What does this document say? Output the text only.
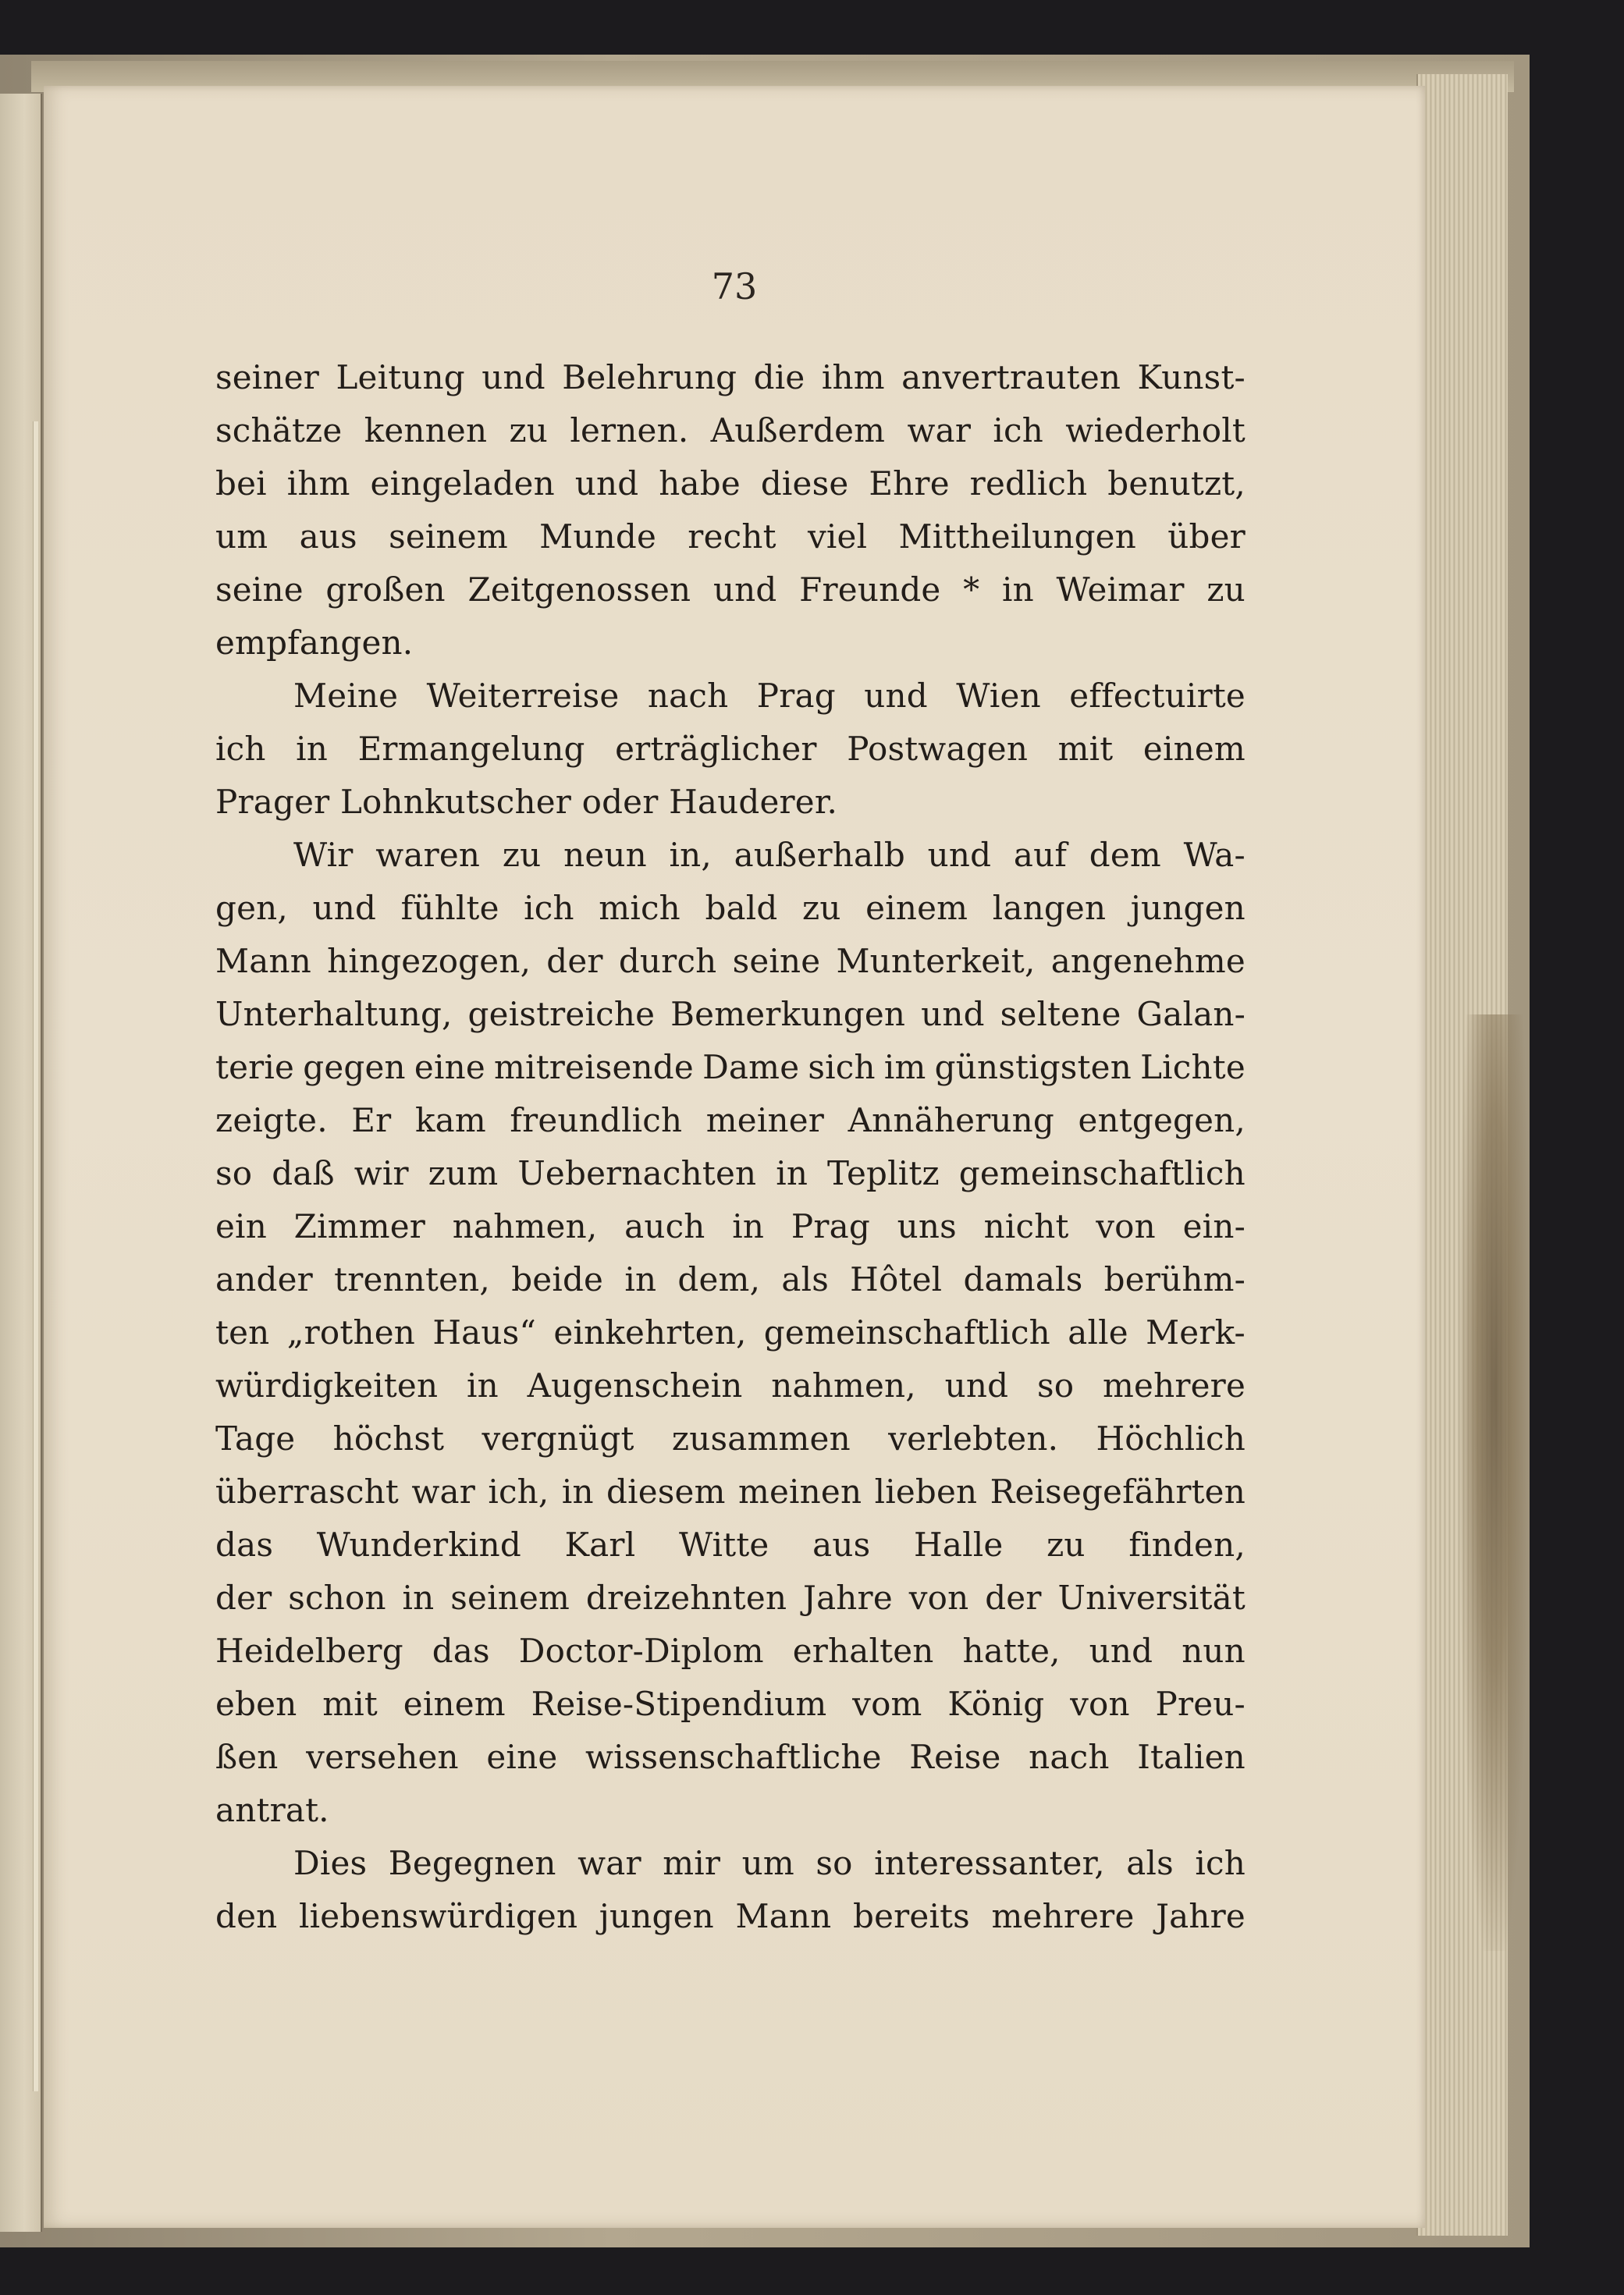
73
seiner Leitung und Belehrung die ihm anvertrauten Kunst-
schätze kennen zu lernen. Außerdem war ich wiederholt
bei ihm eingeladen und habe diese Ehre redlich benutzt,
um aus seinem Munde recht viel Mittheilungen über
seine großen Zeitgenossen und Freunde * in Weimar zu
empfangen.
Meine Weiterreise nach Prag und Wien effectuirte
ich in Ermangelung erträglicher Postwagen mit einem
Prager Lohnkutscher oder Hauderer.
Wir waren zu neun in, außerhalb und auf dem Wa-
gen, und fühlte ich mich bald zu einem langen jungen
Mann hingezogen, der durch seine Munterkeit, angenehme
Unterhaltung, geistreiche Bemerkungen und seltene Galan-
terie gegen eine mitreisende Dame sich im günstigsten Lichte
zeigte. Er kam freundlich meiner Annäherung entgegen,
so daß wir zum Uebernachten in Teplitz gemeinschaftlich
ein Zimmer nahmen, auch in Prag uns nicht von ein-
ander trennten, beide in dem, als Hôtel damals berühm-
ten „rothen Haus“ einkehrten, gemeinschaftlich alle Merk-
würdigkeiten in Augenschein nahmen, und so mehrere
Tage höchst vergnügt zusammen verlebten. Höchlich
überrascht war ich, in diesem meinen lieben Reisegefährten
das Wunderkind Karl Witte aus Halle zu finden,
der schon in seinem dreizehnten Jahre von der Universität
Heidelberg das Doctor-Diplom erhalten hatte, und nun
eben mit einem Reise-Stipendium vom König von Preu-
ßen versehen eine wissenschaftliche Reise nach Italien
antrat.
Dies Begegnen war mir um so interessanter, als ich
den liebenswürdigen jungen Mann bereits mehrere Jahre
